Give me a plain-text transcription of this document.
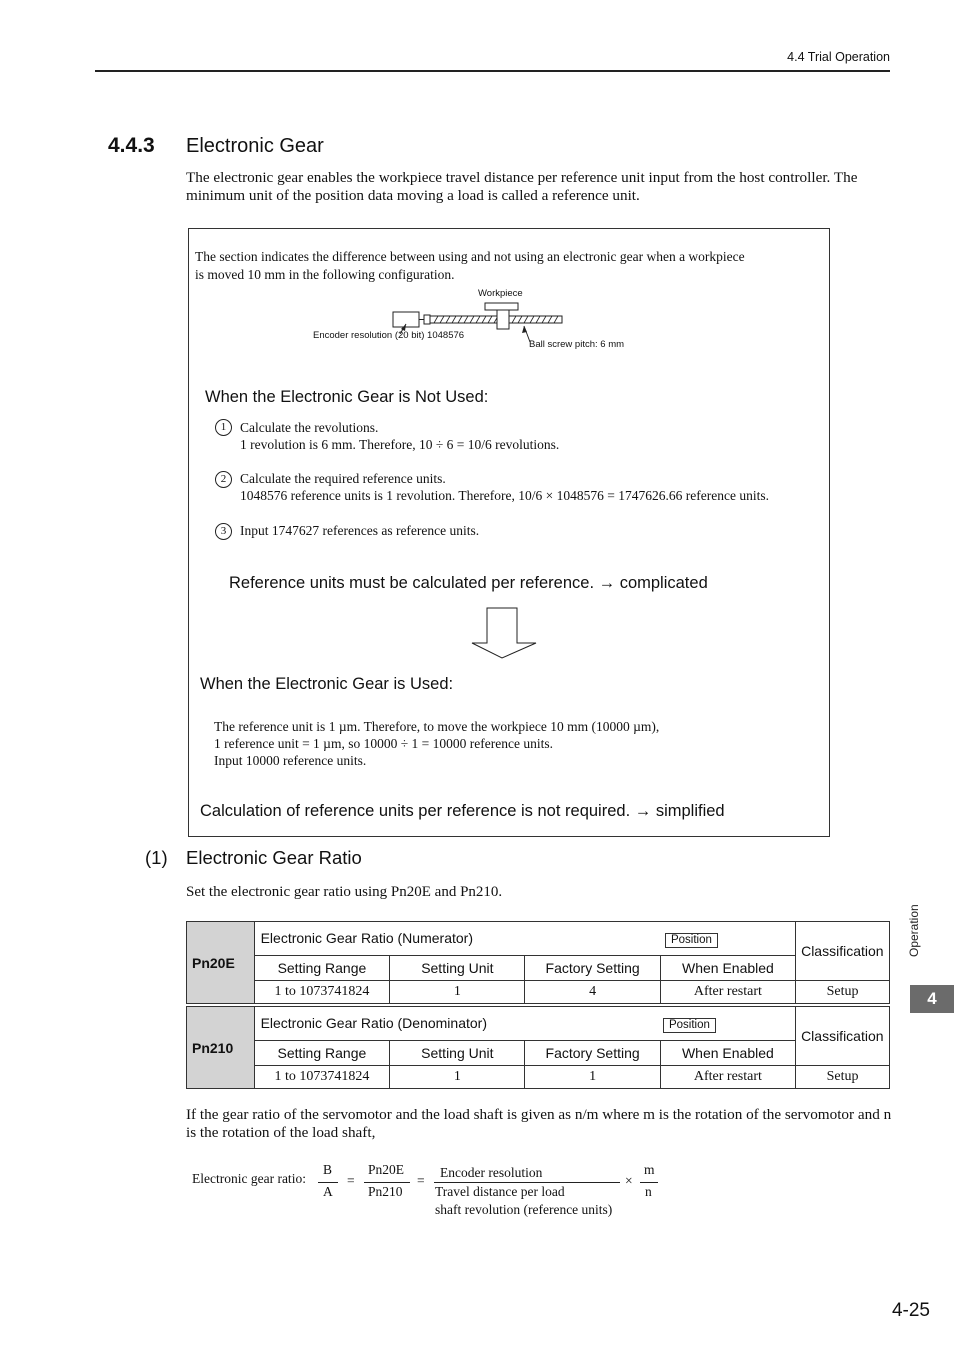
4.4 Trial Operation
4.4.3 Electronic Gear
The electronic gear enables the workpiece travel distance per reference unit input from the host controller. The minimum unit of the position data moving a load is called a reference unit.
The section indicates the difference between using and not using an electronic gear when a workpiece is moved 10 mm in the following configuration.
Workpiece
Encoder resolution (20 bit) 1048576
Ball screw pitch: 6 mm
When the Electronic Gear is Not Used:
1	Calculate the revolutions.
1 revolution is 6 mm. Therefore, 10 ÷ 6 = 10/6 revolutions.
2	Calculate the required reference units.
1048576 reference units is 1 revolution. Therefore, 10/6 × 1048576 = 1747626.66 reference units.
3	Input 1747627 references as reference units.
Reference units must be calculated per reference. → complicated
When the Electronic Gear is Used:
The reference unit is 1 µm. Therefore, to move the workpiece 10 mm (10000 µm),
1 reference unit = 1 µm, so 10000 ÷ 1 = 10000 reference units.
Input 10000 reference units.
Calculation of reference units per reference is not required. → simplified
(1) Electronic Gear Ratio
Set the electronic gear ratio using Pn20E and Pn210.
Pn20E	Electronic Gear Ratio (Numerator) Position				Classification
	Setting Range	Setting Unit	Factory Setting	When Enabled	
	1 to 1073741824	1	4	After restart	Setup
Pn210	Electronic Gear Ratio (Denominator) Position				Classification
	Setting Range	Setting Unit	Factory Setting	When Enabled	
	1 to 1073741824	1	1	After restart	Setup
If the gear ratio of the servomotor and the load shaft is given as n/m where m is the rotation of the servomotor and n is the rotation of the load shaft,
Electronic gear ratio:
B
A
=
Pn20E
Pn210
=
Encoder resolution
Travel distance per load
shaft revolution (reference units)
×
m
n
Operation
4
4-25
